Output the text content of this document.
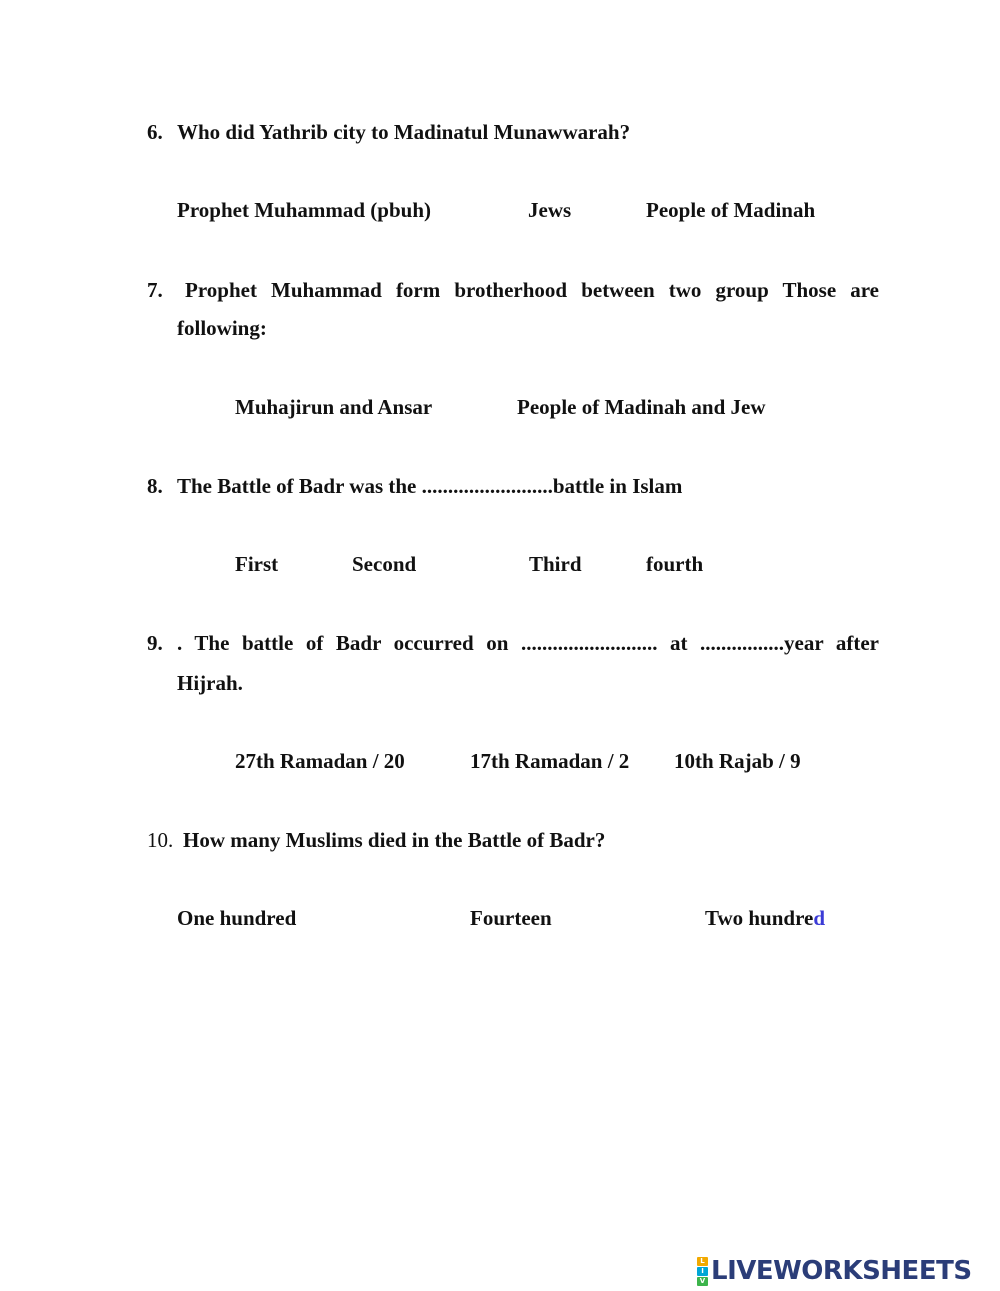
6. Who did Yathrib city to Madinatul Munawwarah?
Prophet Muhammad (pbuh)	Jews	People of Madinah
7. Prophet Muhammad form brotherhood between two group Those are
following:
Muhajirun and Ansar	People of Madinah and Jew
8. The Battle of Badr was the .........................battle in Islam
First	Second	Third	fourth
9. . The battle of Badr occurred on .......................... at ................year after
Hijrah.
27th Ramadan / 20	17th Ramadan / 2 10th Rajab / 9
10. How many Muslims died in the Battle of Badr?
One hundred	Fourteen	Two hundred
L
I
V LIVEWORKSHEETS
